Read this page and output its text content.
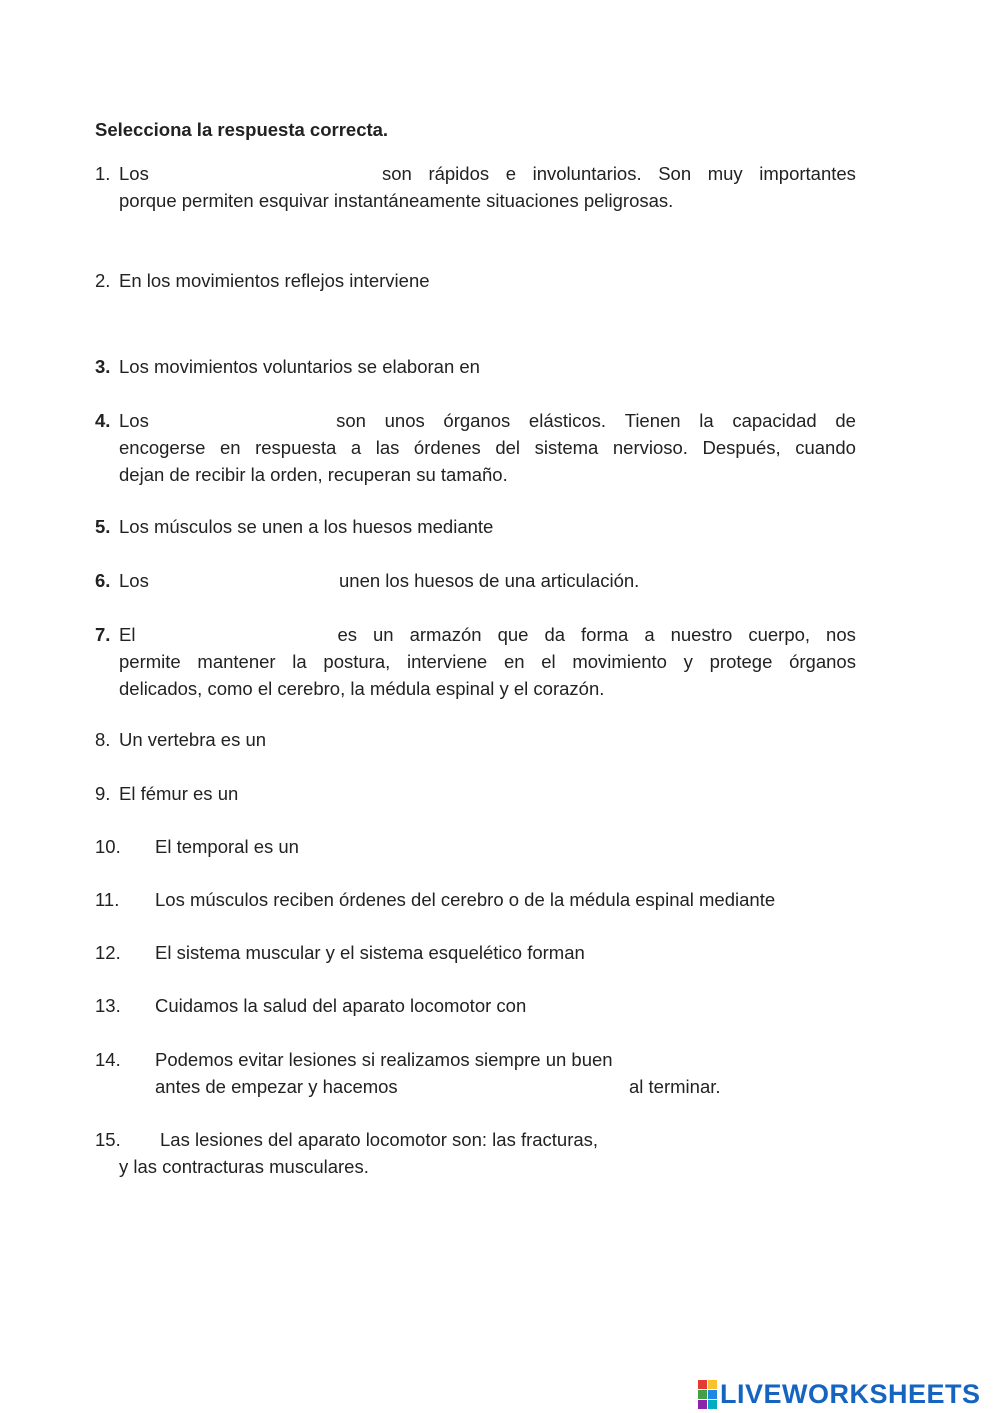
Selecciona la respuesta correcta.
1. Los	son rápidos e involuntarios. Son muy importantes
porque permiten esquivar instantáneamente situaciones peligrosas.
2. En los movimientos reflejos interviene
3. Los movimientos voluntarios se elaboran en
4. Los	son unos órganos elásticos. Tienen la capacidad de
encogerse en respuesta a las órdenes del sistema nervioso. Después, cuando
dejan de recibir la orden, recuperan su tamaño.
5. Los músculos se unen a los huesos mediante
6. Los	unen los huesos de una articulación.
7. El	es un armazón que da forma a nuestro cuerpo, nos
permite mantener la postura, interviene en el movimiento y protege órganos
delicados, como el cerebro, la médula espinal y el corazón.
8. Un vertebra es un
9. El fémur es un
10. El temporal es un
11. Los músculos reciben órdenes del cerebro o de la médula espinal mediante
12. El sistema muscular y el sistema esquelético forman
13. Cuidamos la salud del aparato locomotor con
14. Podemos evitar lesiones si realizamos siempre un buen
antes de empezar y hacemos	al terminar.
15. Las lesiones del aparato locomotor son: las fracturas,
y las contracturas musculares.
LIVEWORKSHEETS
